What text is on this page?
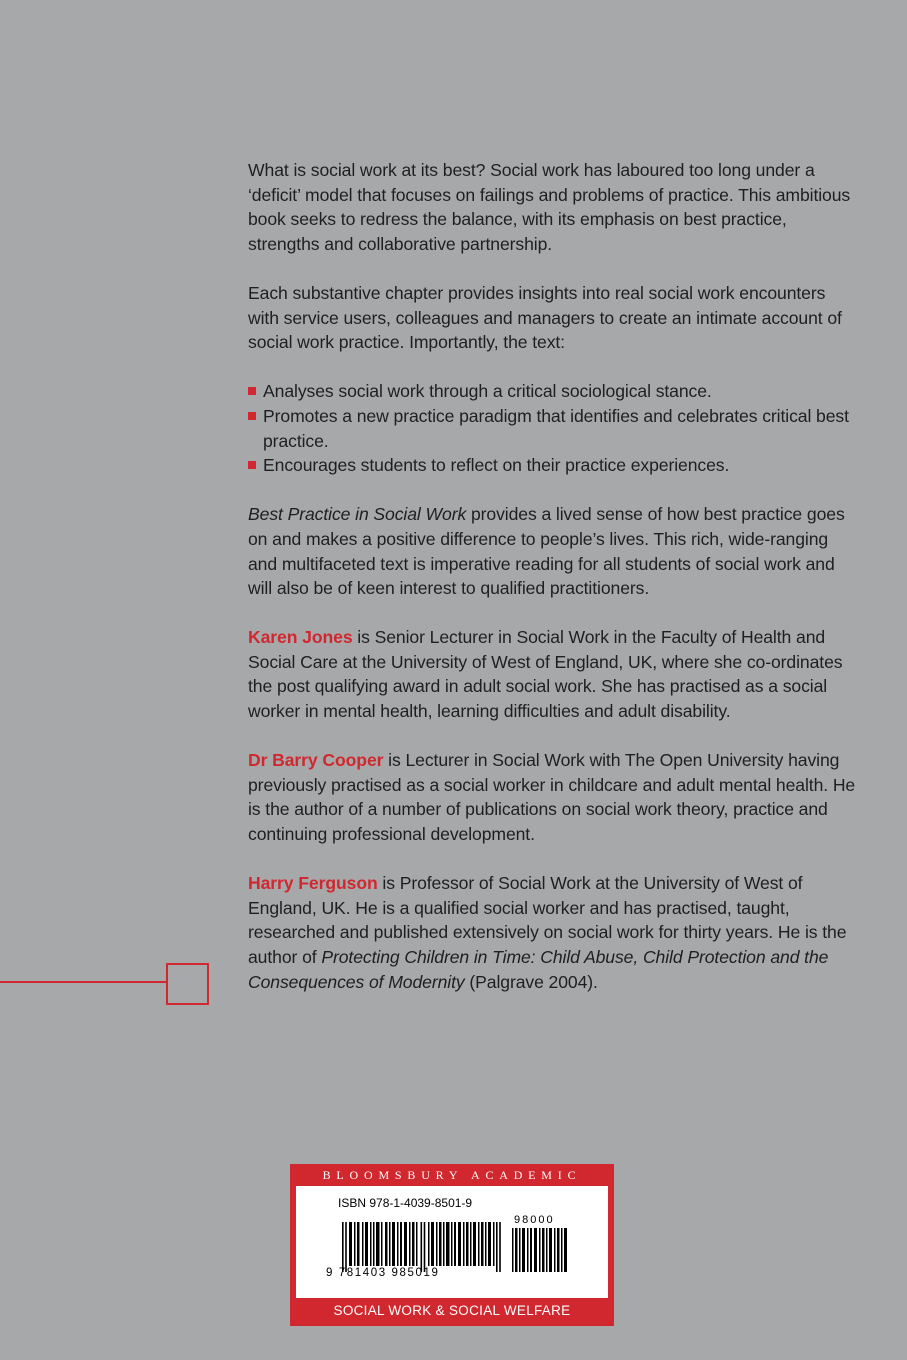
What is social work at its best? Social work has laboured too long under a ‘deficit’ model that focuses on failings and problems of practice. This ambitious book seeks to redress the balance, with its emphasis on best practice, strengths and collaborative partnership.

Each substantive chapter provides insights into real social work encounters with service users, colleagues and managers to create an intimate account of social work practice. Importantly, the text:

Analyses social work through a critical sociological stance.
Promotes a new practice paradigm that identifies and celebrates critical best practice.
Encourages students to reflect on their practice experiences.

Best Practice in Social Work provides a lived sense of how best practice goes on and makes a positive difference to people’s lives. This rich, wide-ranging and multifaceted text is imperative reading for all students of social work and will also be of keen interest to qualified practitioners.

Karen Jones is Senior Lecturer in Social Work in the Faculty of Health and Social Care at the University of West of England, UK, where she co-ordinates the post qualifying award in adult social work. She has practised as a social worker in mental health, learning difficulties and adult disability.

Dr Barry Cooper is Lecturer in Social Work with The Open University having previously practised as a social worker in childcare and adult mental health. He is the author of a number of publications on social work theory, practice and continuing professional development.

Harry Ferguson is Professor of Social Work at the University of West of England, UK. He is a qualified social worker and has practised, taught, researched and published extensively on social work for thirty years. He is the author of Protecting Children in Time: Child Abuse, Child Protection and the Consequences of Modernity (Palgrave 2004).

BLOOMSBURY ACADEMIC
ISBN 978-1-4039-8501-9
98000
9 781403 985019
SOCIAL WORK & SOCIAL WELFARE
